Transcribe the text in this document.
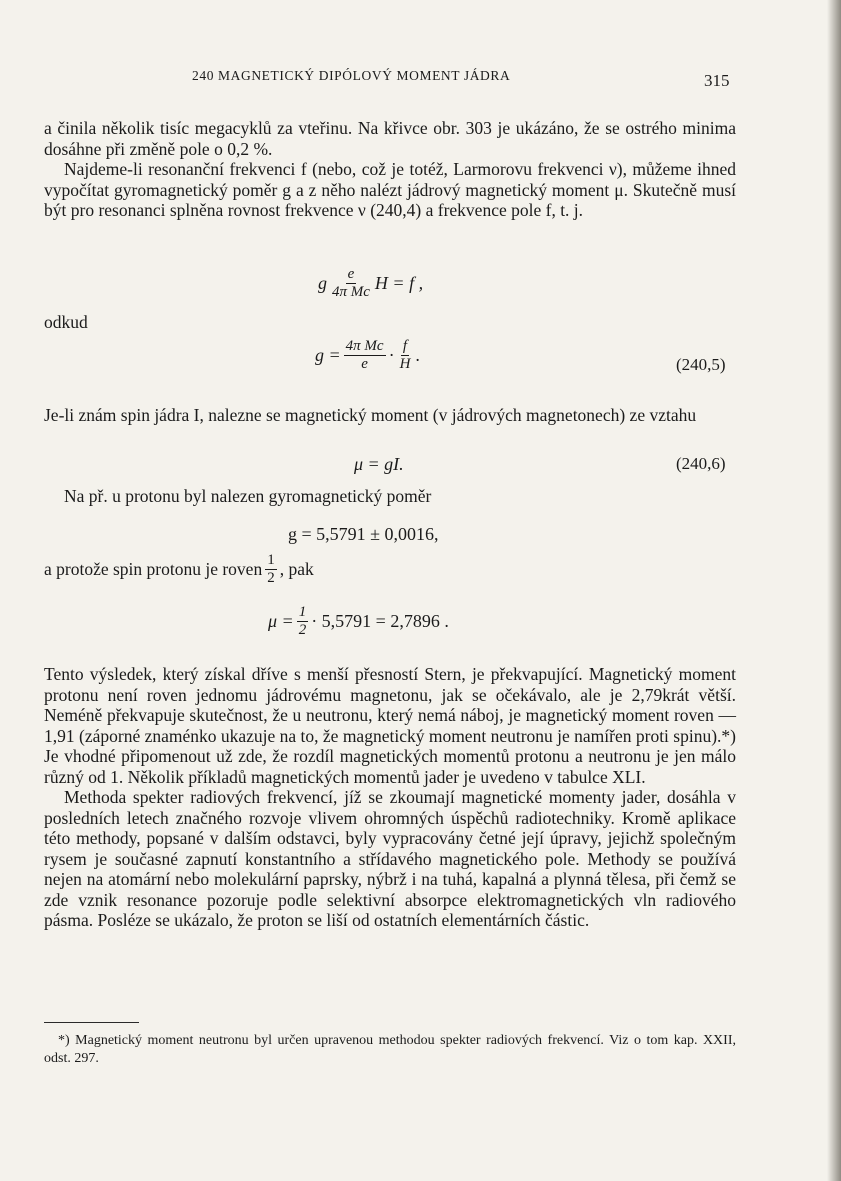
240 MAGNETICKÝ DIPÓLOVÝ MOMENT JÁDRA	315

a činila několik tisíc megacyklů za vteřinu. Na křivce obr. 303 je ukázáno, že se ostrého minima dosáhne při změně pole o 0,2 %.

Najdeme-li resonanční frekvenci f (nebo, což je totéž, Larmorovu frekvenci ν), můžeme ihned vypočítat gyromagnetický poměr g a z něho nalézt jádrový magnetický moment μ. Skutečně musí být pro resonanci splněna rovnost frekvence ν (240,4) a frekvence pole f, t. j.

g $\frac{e}{\text{4π Mc}}$ H = f ,
odkud
$g = \frac{\text{4π Mc}}{e} \cdot \frac{f}{H}$ .	(240,5)
Je-li znám spin jádra I, nalezne se magnetický moment (v jádrových magnetonech) ze vztahu
μ = gI.	(240,6)
Na př. u protonu byl nalezen gyromagnetický poměr
g = 5,5791 ± 0,0016,
a protože spin protonu je roven $\frac{1}{2}$ , pak
$\mu = \frac{1}{2} \cdot 5,5791 = 2,7896$ .

Tento výsledek, který získal dříve s menší přesností Stern, je překvapující. Magnetický moment protonu není roven jednomu jádrovému magnetonu, jak se očekávalo, ale je 2,79krát větší. Neméně překvapuje skutečnost, že u neutronu, který nemá náboj, je magnetický moment roven — 1,91 (záporné znaménko ukazuje na to, že magnetický moment neutronu je namířen proti spinu).*) Je vhodné připomenout už zde, že rozdíl magnetických momentů protonu a neutronu je jen málo různý od 1. Několik příkladů magnetických momentů jader je uvedeno v tabulce XLI.

Methoda spekter radiových frekvencí, jíž se zkoumají magnetické momenty jader, dosáhla v posledních letech značného rozvoje vlivem ohromných úspěchů radiotechniky. Kromě aplikace této methody, popsané v dalším odstavci, byly vypracovány četné její úpravy, jejichž společným rysem je současné zapnutí konstantního a střídavého magnetického pole. Methody se používá nejen na atomární nebo molekulární paprsky, nýbrž i na tuhá, kapalná a plynná tělesa, při čemž se zde vznik resonance pozoruje podle selektivní absorpce elektromagnetických vln radiového pásma. Posléze se ukázalo, že proton se liší od ostatních elementárních částic.

*) Magnetický moment neutronu byl určen upravenou methodou spekter radiových frekvencí. Viz o tom kap. XXII, odst. 297.
